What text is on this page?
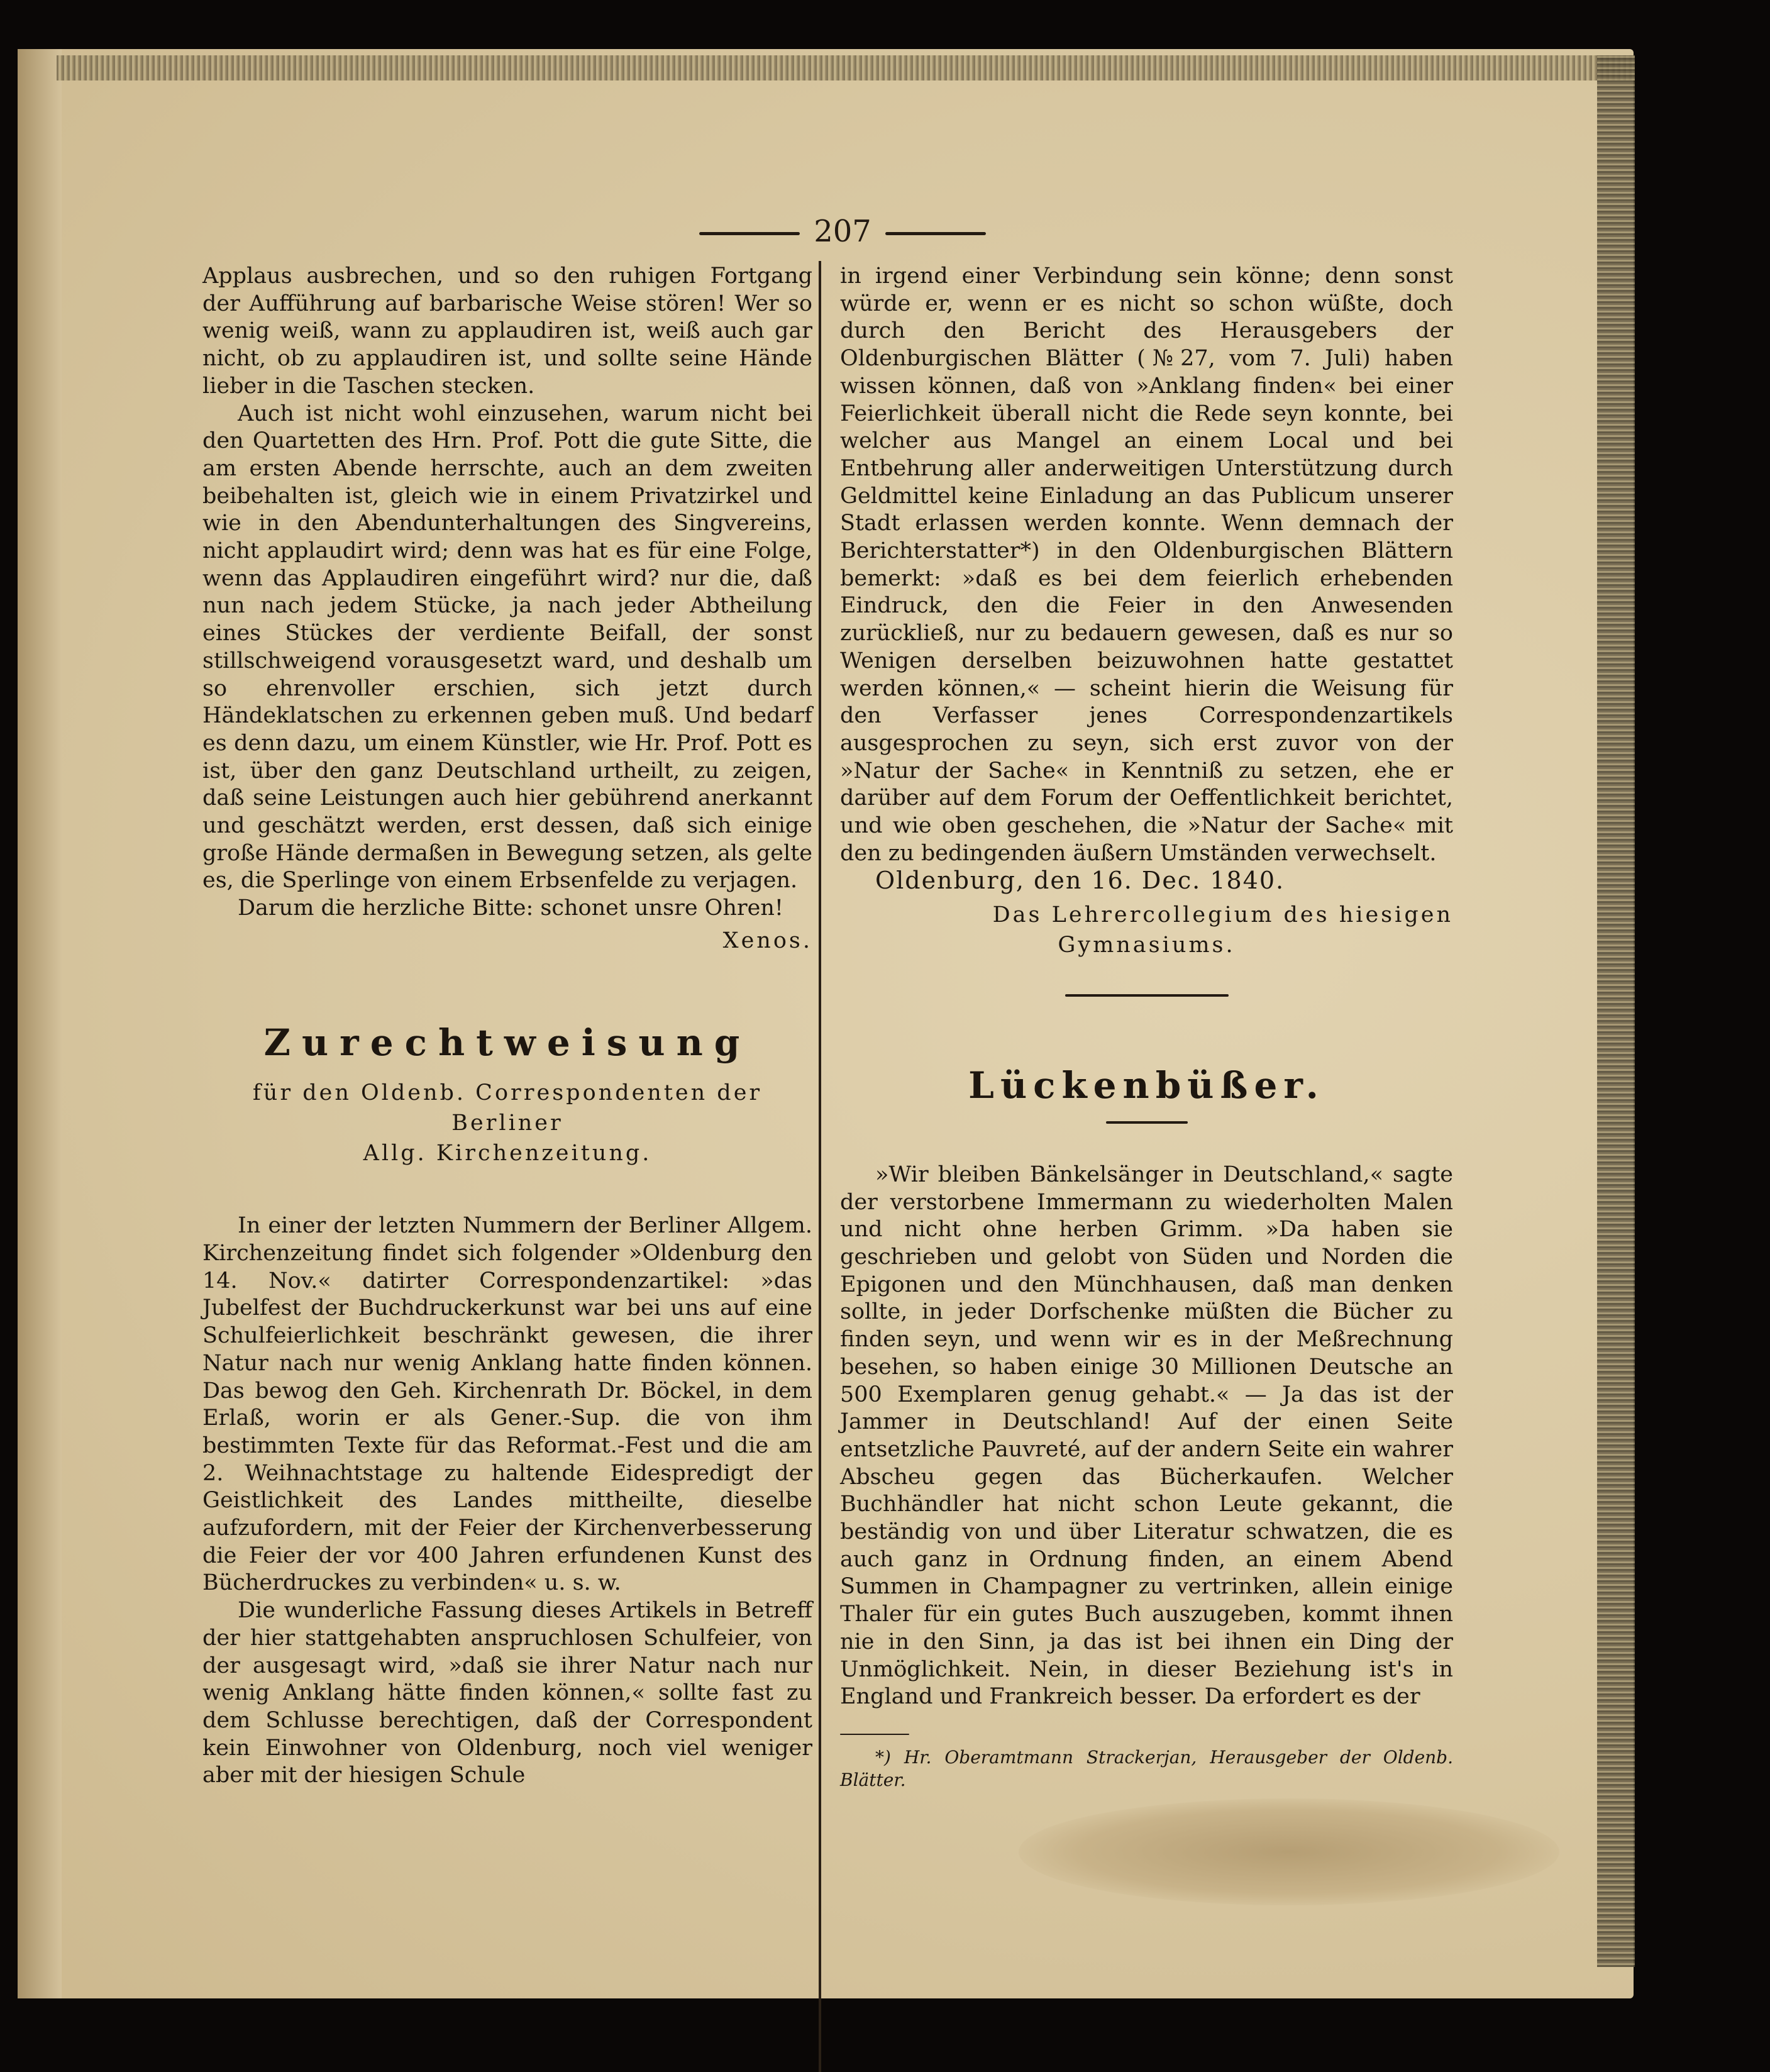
207

Applaus ausbrechen, und so den ruhigen Fortgang der Aufführung auf barbarische Weise stören! Wer so wenig weiß, wann zu applaudiren ist, weiß auch gar nicht, ob zu applaudiren ist, und sollte seine Hände lieber in die Taschen stecken.

Auch ist nicht wohl einzusehen, warum nicht bei den Quartetten des Hrn. Prof. Pott die gute Sitte, die am ersten Abende herrschte, auch an dem zweiten beibehalten ist, gleich wie in einem Privatzirkel und wie in den Abendunterhaltungen des Singvereins, nicht applaudirt wird; denn was hat es für eine Folge, wenn das Applaudiren eingeführt wird? nur die, daß nun nach jedem Stücke, ja nach jeder Abtheilung eines Stückes der verdiente Beifall, der sonst stillschweigend vorausgesetzt ward, und deshalb um so ehrenvoller erschien, sich jetzt durch Händeklatschen zu erkennen geben muß. Und bedarf es denn dazu, um einem Künstler, wie Hr. Prof. Pott es ist, über den ganz Deutschland urtheilt, zu zeigen, daß seine Leistungen auch hier gebührend anerkannt und geschätzt werden, erst dessen, daß sich einige große Hände dermaßen in Bewegung setzen, als gelte es, die Sperlinge von einem Erbsenfelde zu verjagen.

Darum die herzliche Bitte: schonet unsre Ohren!

Xenos.

Zurechtweisung

für den Oldenb. Correspondenten der Berliner

Allg. Kirchenzeitung.

In einer der letzten Nummern der Berliner Allgem. Kirchenzeitung findet sich folgender »Oldenburg den 14. Nov.« datirter Correspondenzartikel: »das Jubelfest der Buchdruckerkunst war bei uns auf eine Schulfeierlichkeit beschränkt gewesen, die ihrer Natur nach nur wenig Anklang hatte finden können. Das bewog den Geh. Kirchenrath Dr. Böckel, in dem Erlaß, worin er als Gener.-Sup. die von ihm bestimmten Texte für das Reformat.-Fest und die am 2. Weihnachtstage zu haltende Eidespredigt der Geistlichkeit des Landes mittheilte, dieselbe aufzufordern, mit der Feier der Kirchenverbesserung die Feier der vor 400 Jahren erfundenen Kunst des Bücherdruckes zu verbinden« u. s. w.

Die wunderliche Fassung dieses Artikels in Betreff der hier stattgehabten anspruchlosen Schulfeier, von der ausgesagt wird, »daß sie ihrer Natur nach nur wenig Anklang hätte finden können,« sollte fast zu dem Schlusse berechtigen, daß der Correspondent kein Einwohner von Oldenburg, noch viel weniger aber mit der hiesigen Schule

in irgend einer Verbindung sein könne; denn sonst würde er, wenn er es nicht so schon wüßte, doch durch den Bericht des Herausgebers der Oldenburgischen Blätter (№27, vom 7. Juli) haben wissen können, daß von »Anklang finden« bei einer Feierlichkeit überall nicht die Rede seyn konnte, bei welcher aus Mangel an einem Local und bei Entbehrung aller anderweitigen Unterstützung durch Geldmittel keine Einladung an das Publicum unserer Stadt erlassen werden konnte. Wenn demnach der Berichterstatter*) in den Oldenburgischen Blättern bemerkt: »daß es bei dem feierlich erhebenden Eindruck, den die Feier in den Anwesenden zurückließ, nur zu bedauern gewesen, daß es nur so Wenigen derselben beizuwohnen hatte gestattet werden können,« — scheint hierin die Weisung für den Verfasser jenes Correspondenzartikels ausgesprochen zu seyn, sich erst zuvor von der »Natur der Sache« in Kenntniß zu setzen, ehe er darüber auf dem Forum der Oeffentlichkeit berichtet, und wie oben geschehen, die »Natur der Sache« mit den zu bedingenden äußern Umständen verwechselt.

Oldenburg, den 16. Dec. 1840.

Das Lehrercollegium des hiesigen

Gymnasiums.

Lückenbüßer.

»Wir bleiben Bänkelsänger in Deutschland,« sagte der verstorbene Immermann zu wiederholten Malen und nicht ohne herben Grimm. »Da haben sie geschrieben und gelobt von Süden und Norden die Epigonen und den Münchhausen, daß man denken sollte, in jeder Dorfschenke müßten die Bücher zu finden seyn, und wenn wir es in der Meßrechnung besehen, so haben einige 30 Millionen Deutsche an 500 Exemplaren genug gehabt.« — Ja das ist der Jammer in Deutschland! Auf der einen Seite entsetzliche Pauvreté, auf der andern Seite ein wahrer Abscheu gegen das Bücherkaufen. Welcher Buchhändler hat nicht schon Leute gekannt, die beständig von und über Literatur schwatzen, die es auch ganz in Ordnung finden, an einem Abend Summen in Champagner zu vertrinken, allein einige Thaler für ein gutes Buch auszugeben, kommt ihnen nie in den Sinn, ja das ist bei ihnen ein Ding der Unmöglichkeit. Nein, in dieser Beziehung ist's in England und Frankreich besser. Da erfordert es der

*) Hr. Oberamtmann Strackerjan, Herausgeber der Oldenb. Blätter.
